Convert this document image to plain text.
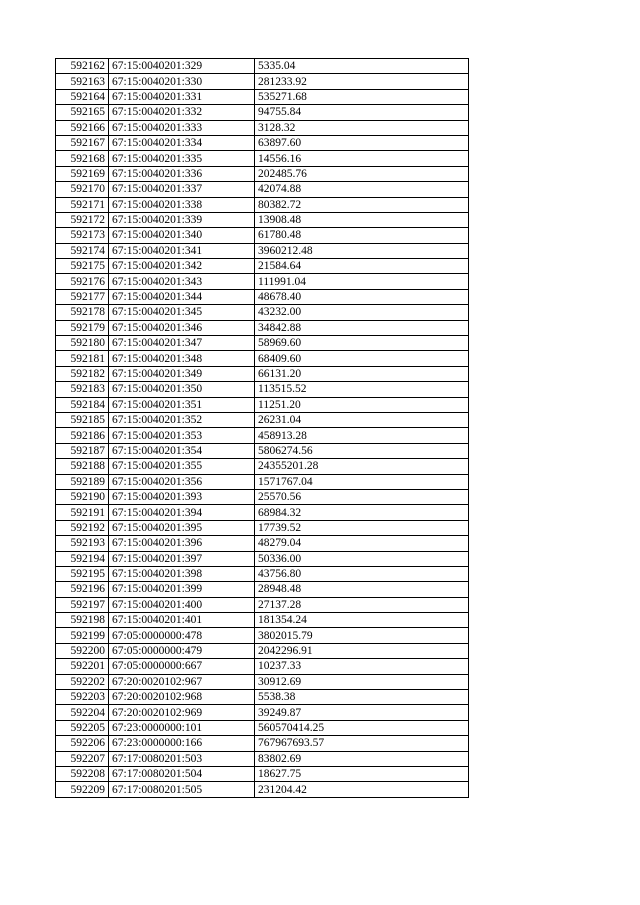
592162	67:15:0040201:329	5335.04
592163	67:15:0040201:330	281233.92
592164	67:15:0040201:331	535271.68
592165	67:15:0040201:332	94755.84
592166	67:15:0040201:333	3128.32
592167	67:15:0040201:334	63897.60
592168	67:15:0040201:335	14556.16
592169	67:15:0040201:336	202485.76
592170	67:15:0040201:337	42074.88
592171	67:15:0040201:338	80382.72
592172	67:15:0040201:339	13908.48
592173	67:15:0040201:340	61780.48
592174	67:15:0040201:341	3960212.48
592175	67:15:0040201:342	21584.64
592176	67:15:0040201:343	111991.04
592177	67:15:0040201:344	48678.40
592178	67:15:0040201:345	43232.00
592179	67:15:0040201:346	34842.88
592180	67:15:0040201:347	58969.60
592181	67:15:0040201:348	68409.60
592182	67:15:0040201:349	66131.20
592183	67:15:0040201:350	113515.52
592184	67:15:0040201:351	11251.20
592185	67:15:0040201:352	26231.04
592186	67:15:0040201:353	458913.28
592187	67:15:0040201:354	5806274.56
592188	67:15:0040201:355	24355201.28
592189	67:15:0040201:356	1571767.04
592190	67:15:0040201:393	25570.56
592191	67:15:0040201:394	68984.32
592192	67:15:0040201:395	17739.52
592193	67:15:0040201:396	48279.04
592194	67:15:0040201:397	50336.00
592195	67:15:0040201:398	43756.80
592196	67:15:0040201:399	28948.48
592197	67:15:0040201:400	27137.28
592198	67:15:0040201:401	181354.24
592199	67:05:0000000:478	3802015.79
592200	67:05:0000000:479	2042296.91
592201	67:05:0000000:667	10237.33
592202	67:20:0020102:967	30912.69
592203	67:20:0020102:968	5538.38
592204	67:20:0020102:969	39249.87
592205	67:23:0000000:101	560570414.25
592206	67:23:0000000:166	767967693.57
592207	67:17:0080201:503	83802.69
592208	67:17:0080201:504	18627.75
592209	67:17:0080201:505	231204.42
